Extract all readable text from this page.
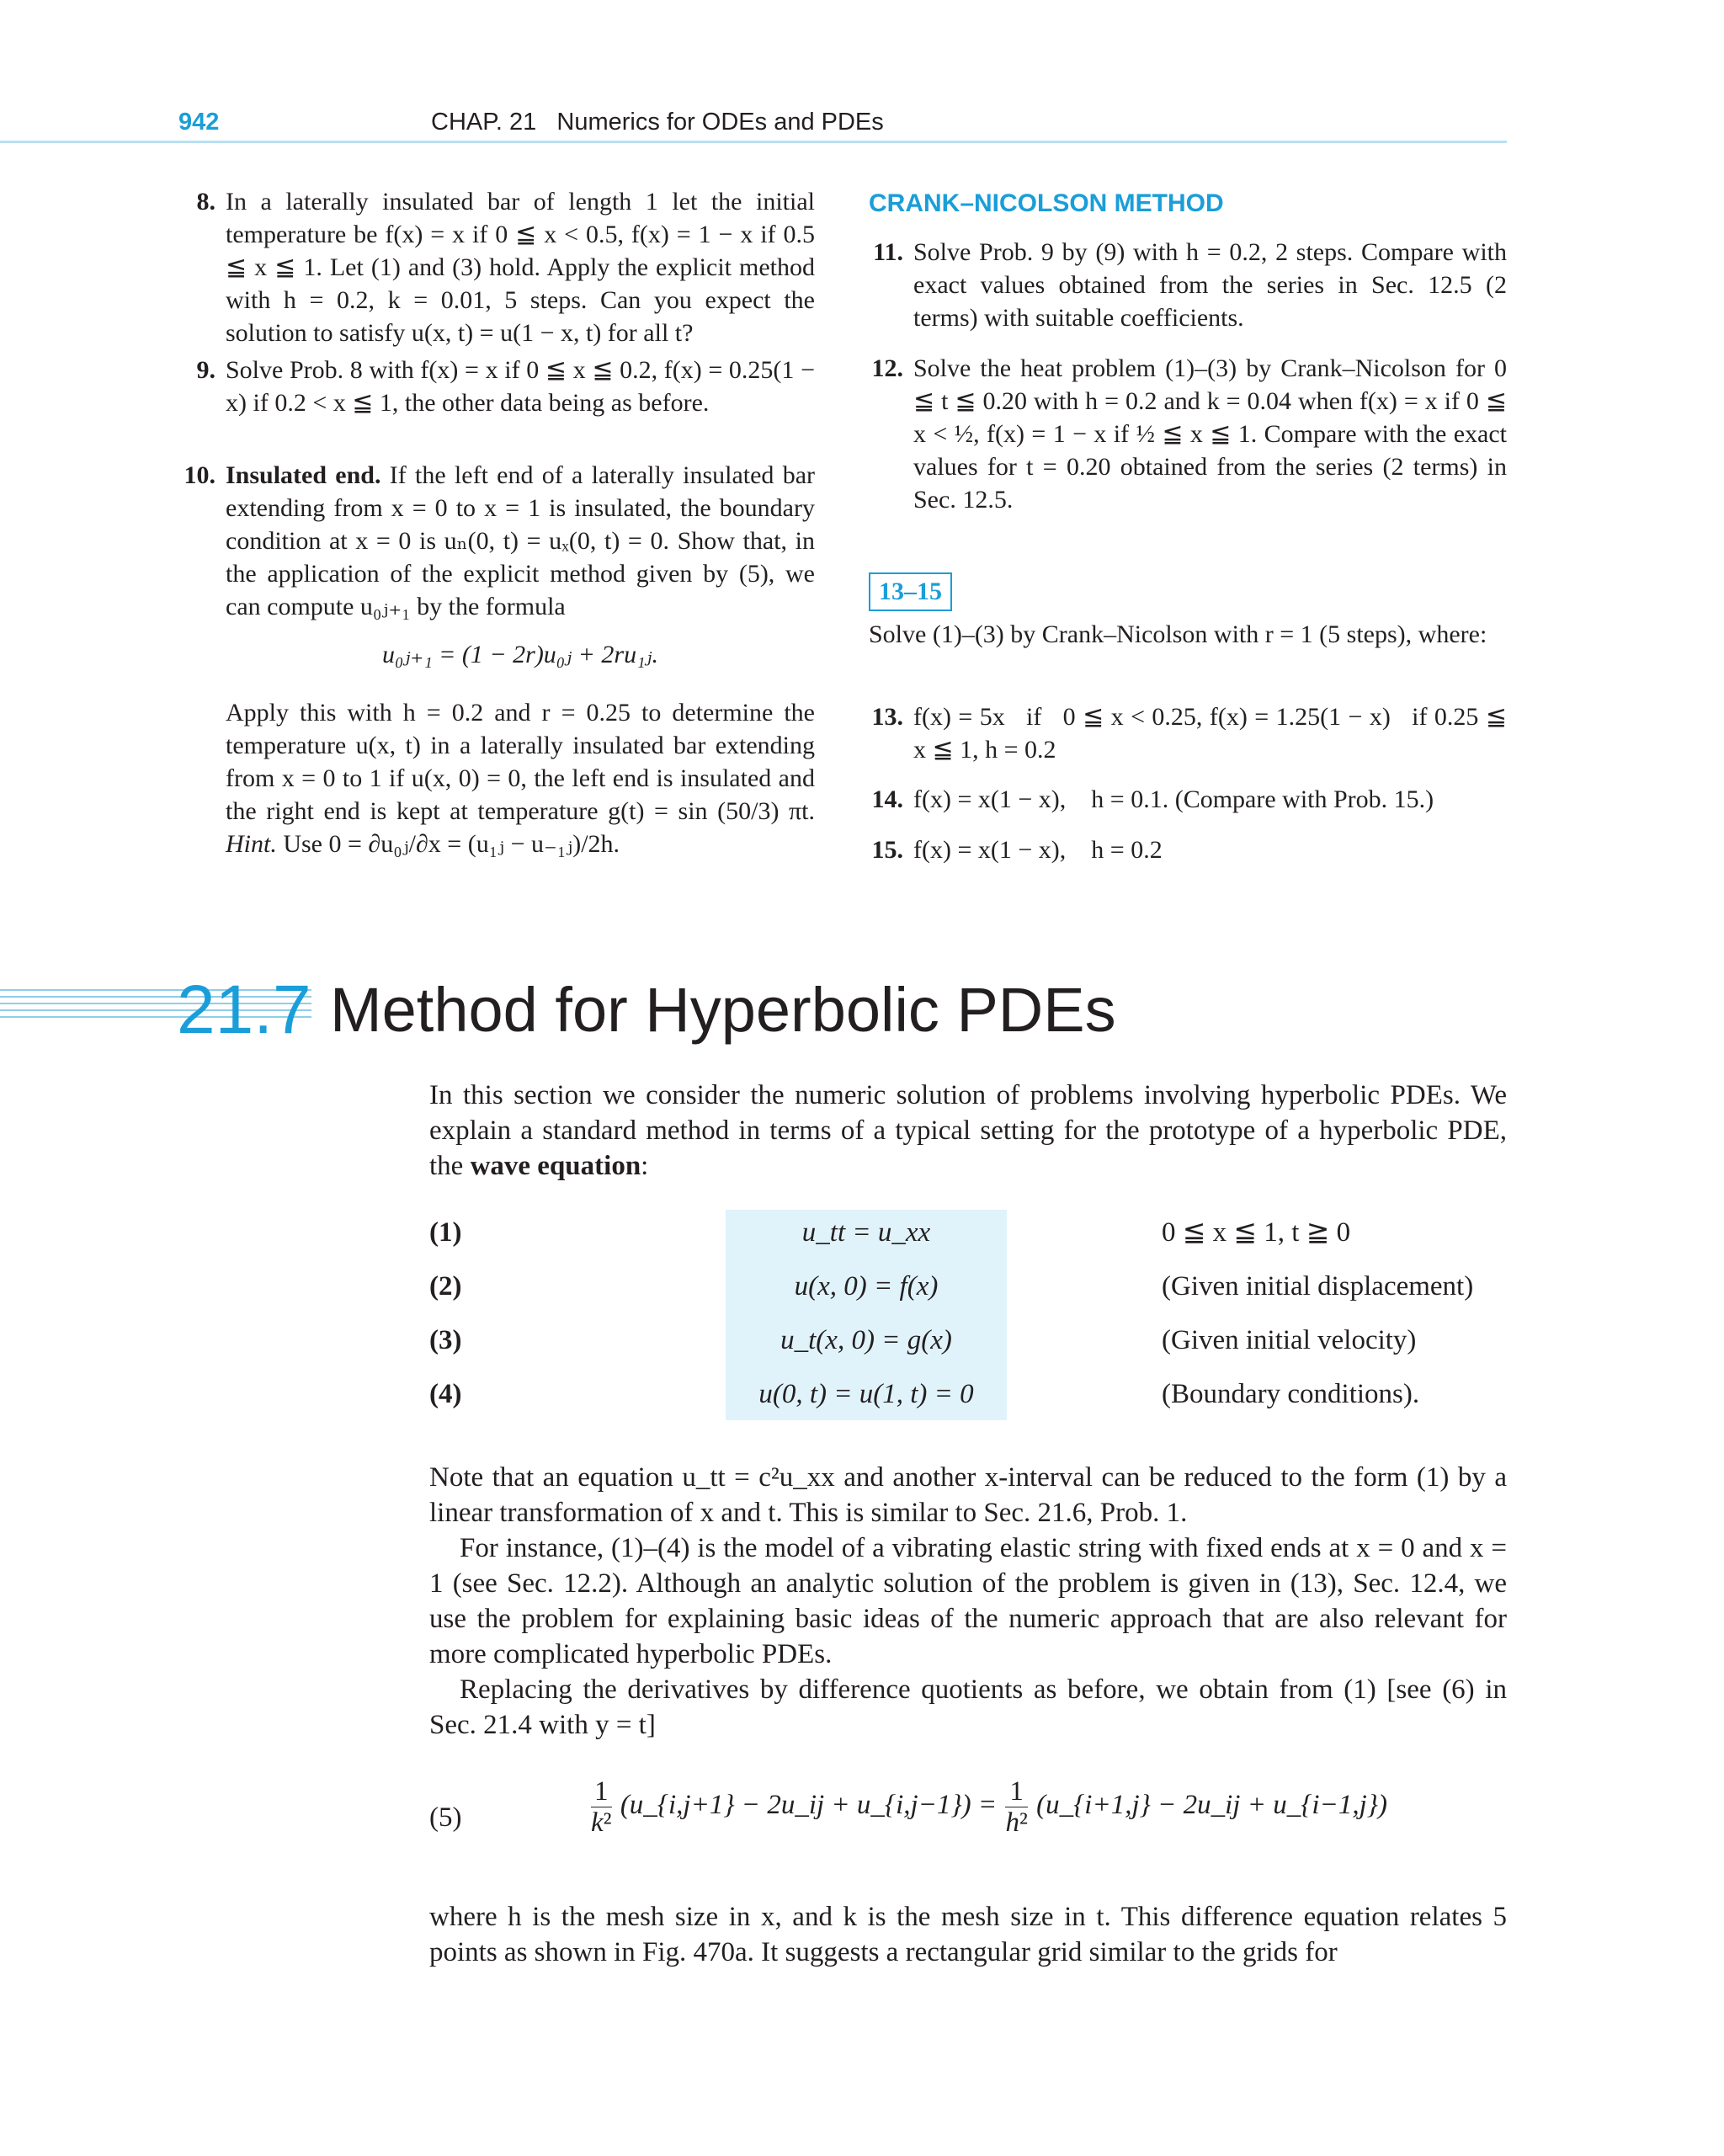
942	CHAP. 21   Numerics for ODEs and PDEs
8. In a laterally insulated bar of length 1 let the initial temperature be f(x) = x if 0 ≦ x < 0.5, f(x) = 1 − x if 0.5 ≦ x ≦ 1. Let (1) and (3) hold. Apply the explicit method with h = 0.2, k = 0.01, 5 steps. Can you expect the solution to satisfy u(x, t) = u(1 − x, t) for all t?
9. Solve Prob. 8 with f(x) = x if 0 ≦ x ≦ 0.2, f(x) = 0.25(1 − x) if 0.2 < x ≦ 1, the other data being as before.
10. Insulated end. If the left end of a laterally insulated bar extending from x = 0 to x = 1 is insulated, the boundary condition at x = 0 is uₙ(0, t) = uₓ(0, t) = 0. Show that, in the application of the explicit method given by (5), we can compute u₀ⱼ₊₁ by the formula
u₀ⱼ₊₁ = (1 − 2r)u₀ⱼ + 2ru₁ⱼ.
Apply this with h = 0.2 and r = 0.25 to determine the temperature u(x, t) in a laterally insulated bar extending from x = 0 to 1 if u(x, 0) = 0, the left end is insulated and the right end is kept at temperature g(t) = sin (50/3) πt. Hint. Use 0 = ∂u₀ⱼ/∂x = (u₁ⱼ − u₋₁ⱼ)/2h.
CRANK–NICOLSON METHOD
11. Solve Prob. 9 by (9) with h = 0.2, 2 steps. Compare with exact values obtained from the series in Sec. 12.5 (2 terms) with suitable coefficients.
12. Solve the heat problem (1)–(3) by Crank–Nicolson for 0 ≦ t ≦ 0.20 with h = 0.2 and k = 0.04 when f(x) = x if 0 ≦ x < ½, f(x) = 1 − x if ½ ≦ x ≦ 1. Compare with the exact values for t = 0.20 obtained from the series (2 terms) in Sec. 12.5.
13–15
Solve (1)–(3) by Crank–Nicolson with r = 1 (5 steps), where:
13. f(x) = 5x   if   0 ≦ x < 0.25, f(x) = 1.25(1 − x)   if 0.25 ≦ x ≦ 1, h = 0.2
14. f(x) = x(1 − x),    h = 0.1. (Compare with Prob. 15.)
15. f(x) = x(1 − x),    h = 0.2
21.7 Method for Hyperbolic PDEs
In this section we consider the numeric solution of problems involving hyperbolic PDEs. We explain a standard method in terms of a typical setting for the prototype of a hyperbolic PDE, the wave equation:
(1)	u_tt = u_xx	0 ≦ x ≦ 1, t ≧ 0
(2)	u(x, 0) = f(x)	(Given initial displacement)
(3)	u_t(x, 0) = g(x)	(Given initial velocity)
(4)	u(0, t) = u(1, t) = 0	(Boundary conditions).

Note that an equation u_tt = c²u_xx and another x-interval can be reduced to the form (1) by a linear transformation of x and t. This is similar to Sec. 21.6, Prob. 1.

For instance, (1)–(4) is the model of a vibrating elastic string with fixed ends at x = 0 and x = 1 (see Sec. 12.2). Although an analytic solution of the problem is given in (13), Sec. 12.4, we use the problem for explaining basic ideas of the numeric approach that are also relevant for more complicated hyperbolic PDEs.

Replacing the derivatives by difference quotients as before, we obtain from (1) [see (6) in Sec. 21.4 with y = t]

(5)	$\frac{1}{\text{k²}}$ (u_{i,j+1} − 2u_ij + u_{i,j−1}) = $\frac{1}{\text{h²}}$ (u_{i+1,j} − 2u_ij + u_{i−1,j})
where h is the mesh size in x, and k is the mesh size in t. This difference equation relates 5 points as shown in Fig. 470a. It suggests a rectangular grid similar to the grids for
